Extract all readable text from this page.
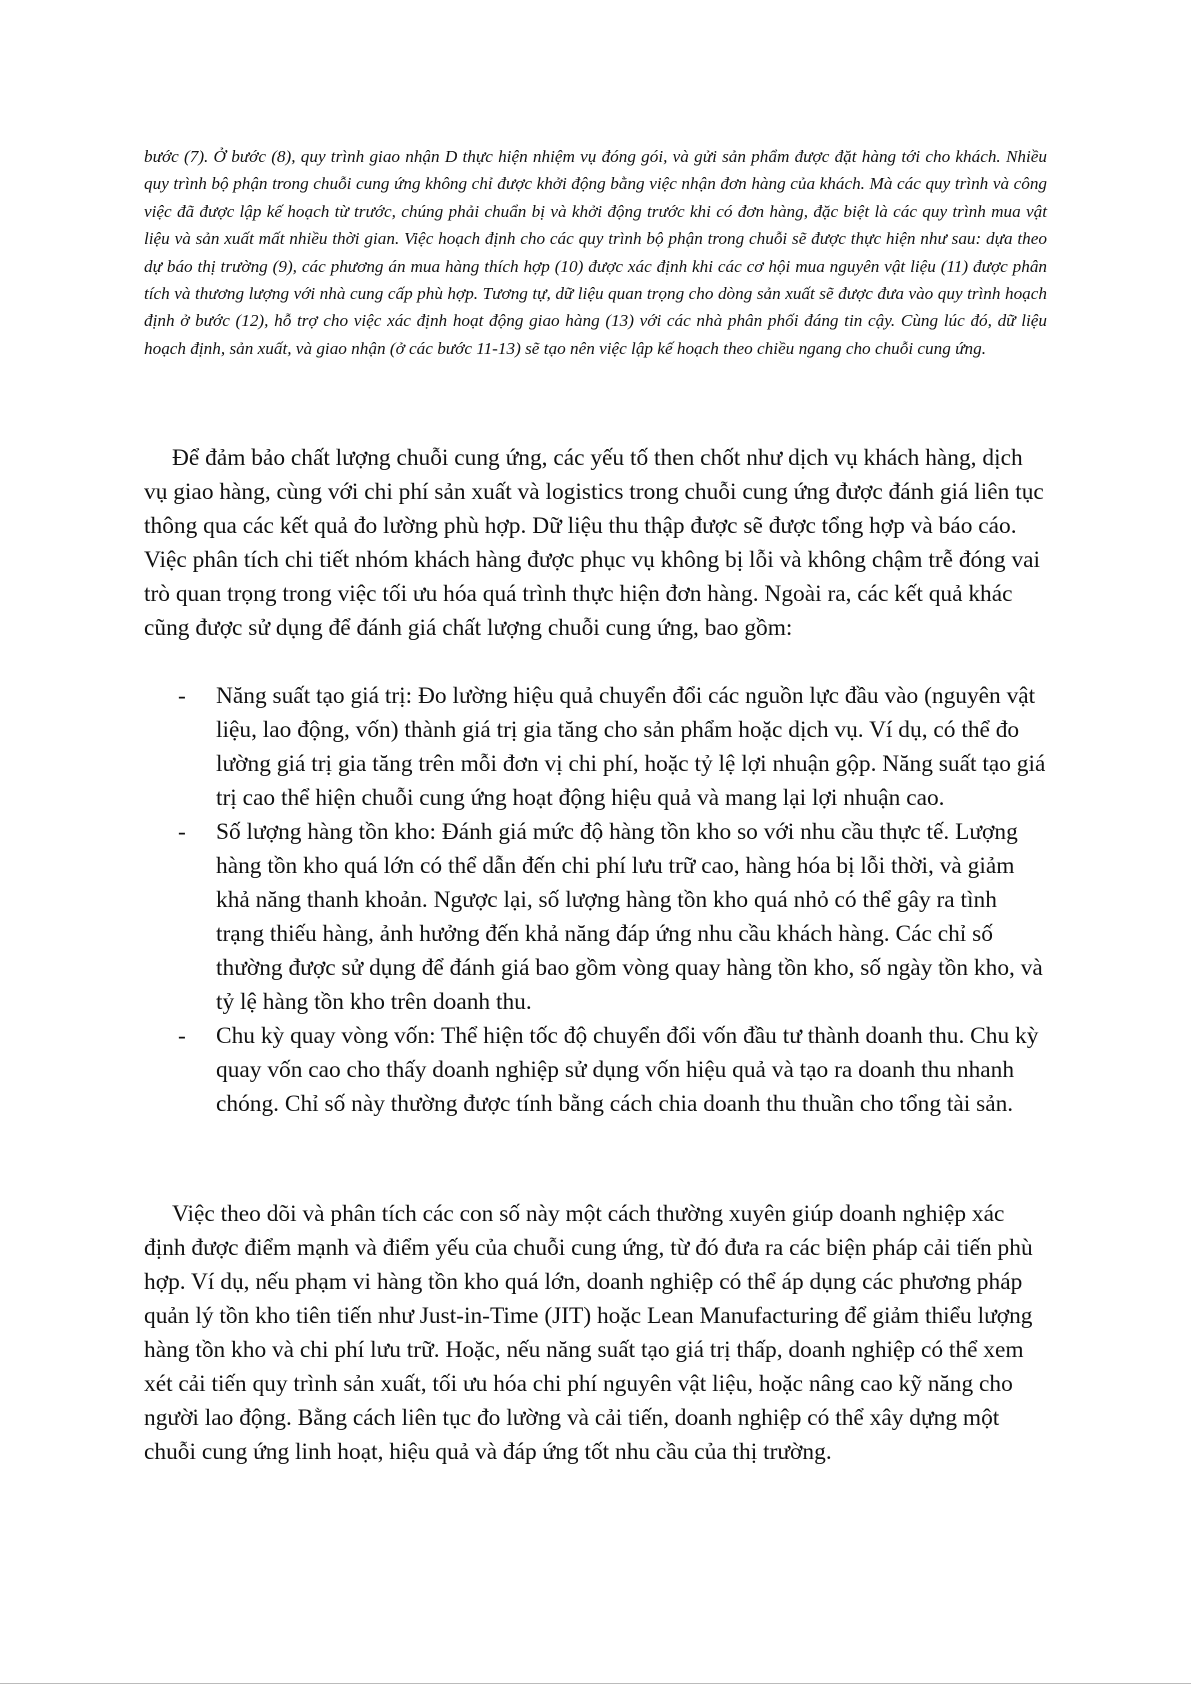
bước (7). Ở bước (8), quy trình giao nhận D thực hiện nhiệm vụ đóng gói, và gửi sản phẩm được đặt hàng tới cho khách. Nhiều quy trình bộ phận trong chuỗi cung ứng không chỉ được khởi động bằng việc nhận đơn hàng của khách. Mà các quy trình và công việc đã được lập kế hoạch từ trước, chúng phải chuẩn bị và khởi động trước khi có đơn hàng, đặc biệt là các quy trình mua vật liệu và sản xuất mất nhiều thời gian. Việc hoạch định cho các quy trình bộ phận trong chuỗi sẽ được thực hiện như sau: dựa theo dự báo thị trường (9), các phương án mua hàng thích hợp (10) được xác định khi các cơ hội mua nguyên vật liệu (11) được phân tích và thương lượng với nhà cung cấp phù hợp. Tương tự, dữ liệu quan trọng cho dòng sản xuất sẽ được đưa vào quy trình hoạch định ở bước (12), hỗ trợ cho việc xác định hoạt động giao hàng (13) với các nhà phân phối đáng tin cậy. Cùng lúc đó, dữ liệu hoạch định, sản xuất, và giao nhận (ở các bước 11-13) sẽ tạo nên việc lập kế hoạch theo chiều ngang cho chuỗi cung ứng.

Để đảm bảo chất lượng chuỗi cung ứng, các yếu tố then chốt như dịch vụ khách hàng, dịch vụ giao hàng, cùng với chi phí sản xuất và logistics trong chuỗi cung ứng được đánh giá liên tục thông qua các kết quả đo lường phù hợp. Dữ liệu thu thập được sẽ được tổng hợp và báo cáo. Việc phân tích chi tiết nhóm khách hàng được phục vụ không bị lỗi và không chậm trễ đóng vai trò quan trọng trong việc tối ưu hóa quá trình thực hiện đơn hàng. Ngoài ra, các kết quả khác cũng được sử dụng để đánh giá chất lượng chuỗi cung ứng, bao gồm:

- Năng suất tạo giá trị: Đo lường hiệu quả chuyển đổi các nguồn lực đầu vào (nguyên vật liệu, lao động, vốn) thành giá trị gia tăng cho sản phẩm hoặc dịch vụ. Ví dụ, có thể đo lường giá trị gia tăng trên mỗi đơn vị chi phí, hoặc tỷ lệ lợi nhuận gộp. Năng suất tạo giá trị cao thể hiện chuỗi cung ứng hoạt động hiệu quả và mang lại lợi nhuận cao.
- Số lượng hàng tồn kho: Đánh giá mức độ hàng tồn kho so với nhu cầu thực tế. Lượng hàng tồn kho quá lớn có thể dẫn đến chi phí lưu trữ cao, hàng hóa bị lỗi thời, và giảm khả năng thanh khoản. Ngược lại, số lượng hàng tồn kho quá nhỏ có thể gây ra tình trạng thiếu hàng, ảnh hưởng đến khả năng đáp ứng nhu cầu khách hàng. Các chỉ số thường được sử dụng để đánh giá bao gồm vòng quay hàng tồn kho, số ngày tồn kho, và tỷ lệ hàng tồn kho trên doanh thu.
- Chu kỳ quay vòng vốn: Thể hiện tốc độ chuyển đổi vốn đầu tư thành doanh thu. Chu kỳ quay vốn cao cho thấy doanh nghiệp sử dụng vốn hiệu quả và tạo ra doanh thu nhanh chóng. Chỉ số này thường được tính bằng cách chia doanh thu thuần cho tổng tài sản.

Việc theo dõi và phân tích các con số này một cách thường xuyên giúp doanh nghiệp xác định được điểm mạnh và điểm yếu của chuỗi cung ứng, từ đó đưa ra các biện pháp cải tiến phù hợp. Ví dụ, nếu phạm vi hàng tồn kho quá lớn, doanh nghiệp có thể áp dụng các phương pháp quản lý tồn kho tiên tiến như Just-in-Time (JIT) hoặc Lean Manufacturing để giảm thiểu lượng hàng tồn kho và chi phí lưu trữ. Hoặc, nếu năng suất tạo giá trị thấp, doanh nghiệp có thể xem xét cải tiến quy trình sản xuất, tối ưu hóa chi phí nguyên vật liệu, hoặc nâng cao kỹ năng cho người lao động. Bằng cách liên tục đo lường và cải tiến, doanh nghiệp có thể xây dựng một chuỗi cung ứng linh hoạt, hiệu quả và đáp ứng tốt nhu cầu của thị trường.
